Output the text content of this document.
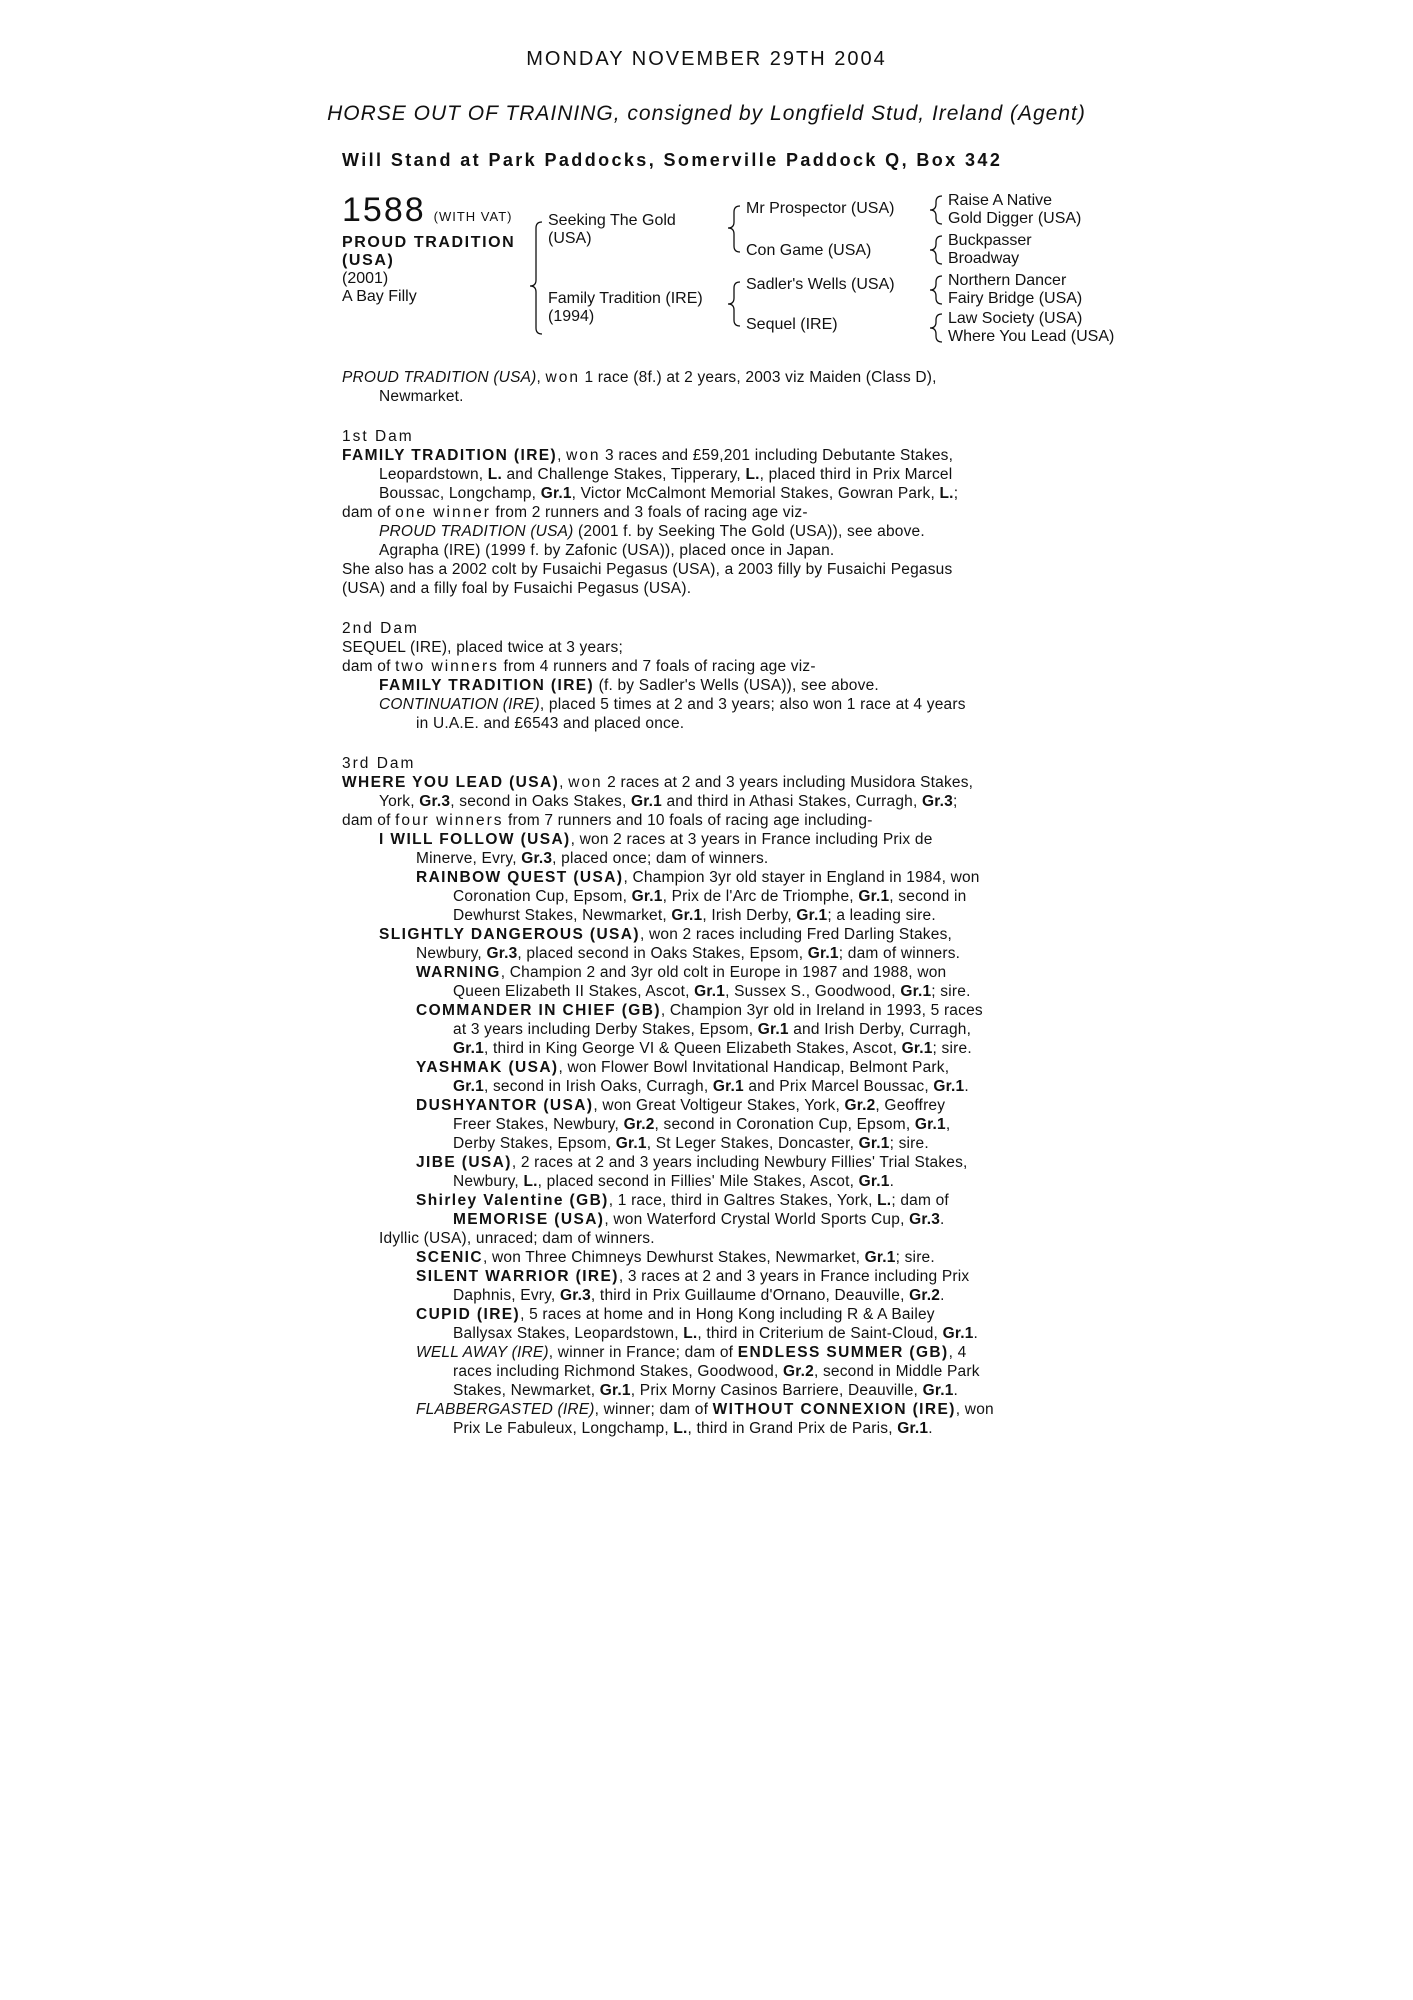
MONDAY NOVEMBER 29TH 2004
HORSE OUT OF TRAINING, consigned by Longfield Stud, Ireland (Agent)
Will Stand at Park Paddocks, Somerville Paddock Q, Box 342
1588 (WITH VAT)
PROUD TRADITION
(USA)
(2001)
A Bay Filly
Seeking The Gold
(USA)
Family Tradition (IRE)
(1994)
Mr Prospector (USA)
Con Game (USA)
Sadler's Wells (USA)
Sequel (IRE)
Raise A Native
Gold Digger (USA)
Buckpasser
Broadway
Northern Dancer
Fairy Bridge (USA)
Law Society (USA)
Where You Lead (USA)

PROUD TRADITION (USA), won 1 race (8f.) at 2 years, 2003 viz Maiden (Class D),

Newmarket.

1st Dam

FAMILY TRADITION (IRE), won 3 races and £59,201 including Debutante Stakes,

Leopardstown, L. and Challenge Stakes, Tipperary, L., placed third in Prix Marcel

Boussac, Longchamp, Gr.1, Victor McCalmont Memorial Stakes, Gowran Park, L.;

dam of one winner from 2 runners and 3 foals of racing age viz-

PROUD TRADITION (USA) (2001 f. by Seeking The Gold (USA)), see above.

Agrapha (IRE) (1999 f. by Zafonic (USA)), placed once in Japan.

She also has a 2002 colt by Fusaichi Pegasus (USA), a 2003 filly by Fusaichi Pegasus

(USA) and a filly foal by Fusaichi Pegasus (USA).

2nd Dam

SEQUEL (IRE), placed twice at 3 years;

dam of two winners from 4 runners and 7 foals of racing age viz-

FAMILY TRADITION (IRE) (f. by Sadler's Wells (USA)), see above.

CONTINUATION (IRE), placed 5 times at 2 and 3 years; also won 1 race at 4 years

in U.A.E. and £6543 and placed once.

3rd Dam

WHERE YOU LEAD (USA), won 2 races at 2 and 3 years including Musidora Stakes,

York, Gr.3, second in Oaks Stakes, Gr.1 and third in Athasi Stakes, Curragh, Gr.3;

dam of four winners from 7 runners and 10 foals of racing age including-

I WILL FOLLOW (USA), won 2 races at 3 years in France including Prix de

Minerve, Evry, Gr.3, placed once; dam of winners.

RAINBOW QUEST (USA), Champion 3yr old stayer in England in 1984, won

Coronation Cup, Epsom, Gr.1, Prix de l'Arc de Triomphe, Gr.1, second in

Dewhurst Stakes, Newmarket, Gr.1, Irish Derby, Gr.1; a leading sire.

SLIGHTLY DANGEROUS (USA), won 2 races including Fred Darling Stakes,

Newbury, Gr.3, placed second in Oaks Stakes, Epsom, Gr.1; dam of winners.

WARNING, Champion 2 and 3yr old colt in Europe in 1987 and 1988, won

Queen Elizabeth II Stakes, Ascot, Gr.1, Sussex S., Goodwood, Gr.1; sire.

COMMANDER IN CHIEF (GB), Champion 3yr old in Ireland in 1993, 5 races

at 3 years including Derby Stakes, Epsom, Gr.1 and Irish Derby, Curragh,

Gr.1, third in King George VI & Queen Elizabeth Stakes, Ascot, Gr.1; sire.

YASHMAK (USA), won Flower Bowl Invitational Handicap, Belmont Park,

Gr.1, second in Irish Oaks, Curragh, Gr.1 and Prix Marcel Boussac, Gr.1.

DUSHYANTOR (USA), won Great Voltigeur Stakes, York, Gr.2, Geoffrey

Freer Stakes, Newbury, Gr.2, second in Coronation Cup, Epsom, Gr.1,

Derby Stakes, Epsom, Gr.1, St Leger Stakes, Doncaster, Gr.1; sire.

JIBE (USA), 2 races at 2 and 3 years including Newbury Fillies' Trial Stakes,

Newbury, L., placed second in Fillies' Mile Stakes, Ascot, Gr.1.

Shirley Valentine (GB), 1 race, third in Galtres Stakes, York, L.; dam of

MEMORISE (USA), won Waterford Crystal World Sports Cup, Gr.3.

Idyllic (USA), unraced; dam of winners.

SCENIC, won Three Chimneys Dewhurst Stakes, Newmarket, Gr.1; sire.

SILENT WARRIOR (IRE), 3 races at 2 and 3 years in France including Prix

Daphnis, Evry, Gr.3, third in Prix Guillaume d'Ornano, Deauville, Gr.2.

CUPID (IRE), 5 races at home and in Hong Kong including R & A Bailey

Ballysax Stakes, Leopardstown, L., third in Criterium de Saint-Cloud, Gr.1.

WELL AWAY (IRE), winner in France; dam of ENDLESS SUMMER (GB), 4

races including Richmond Stakes, Goodwood, Gr.2, second in Middle Park

Stakes, Newmarket, Gr.1, Prix Morny Casinos Barriere, Deauville, Gr.1.

FLABBERGASTED (IRE), winner; dam of WITHOUT CONNEXION (IRE), won

Prix Le Fabuleux, Longchamp, L., third in Grand Prix de Paris, Gr.1.
